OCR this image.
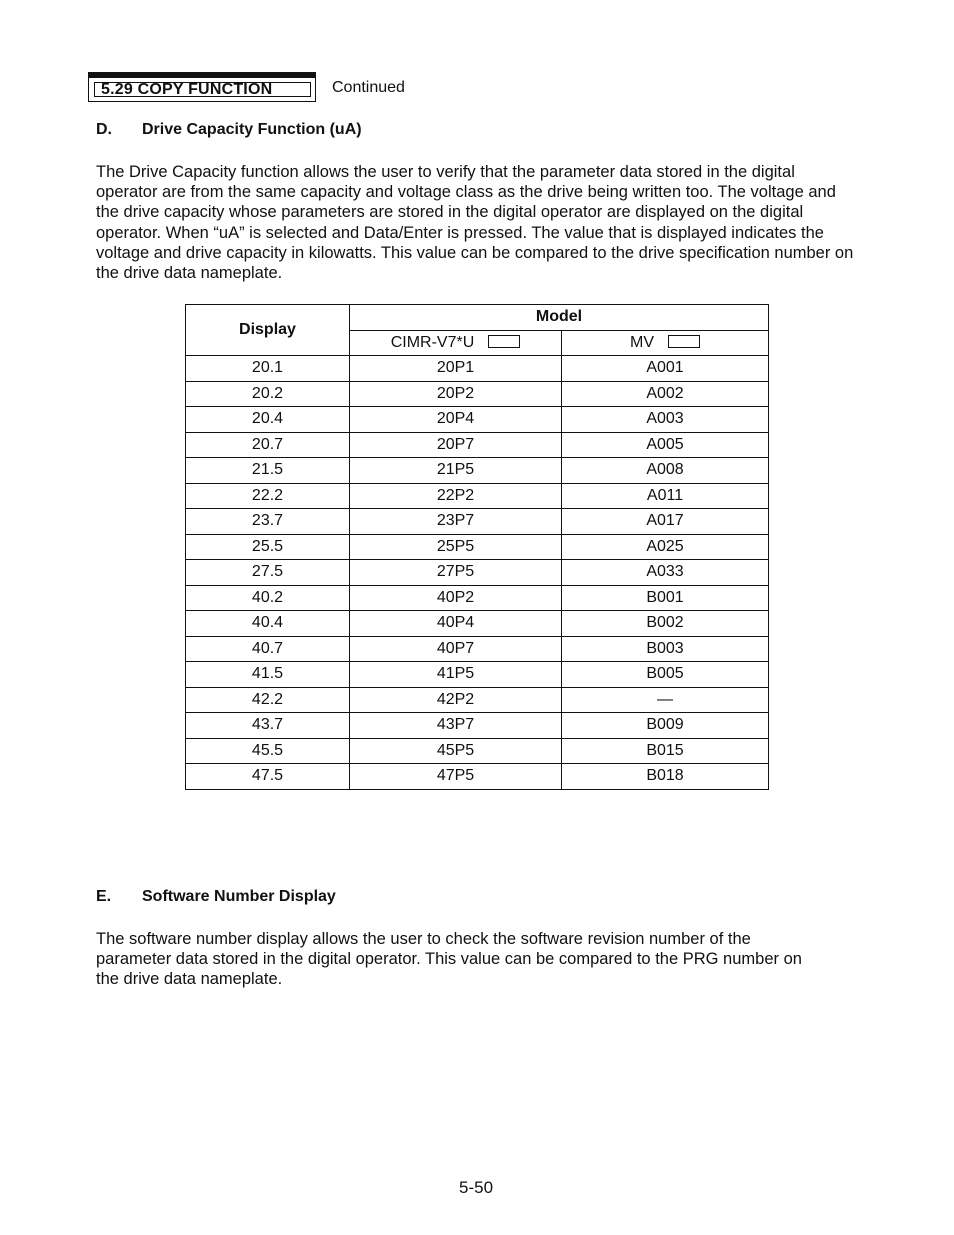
5.29 COPY FUNCTION	Continued
D. Drive Capacity Function (uA)

The Drive Capacity function allows the user to verify that the parameter data stored in the digital operator are from the same capacity and voltage class as the drive being written too. The voltage and the drive capacity whose parameters are stored in the digital operator are displayed on the digital operator. When “uA” is selected and Data/Enter is pressed. The value that is displayed indicates the voltage and drive capacity in kilowatts. This value can be compared to the drive specification number on the drive data nameplate.

Display	Model	
	CIMR-V7*U	MV
20.1	20P1	A001
20.2	20P2	A002
20.4	20P4	A003
20.7	20P7	A005
21.5	21P5	A008
22.2	22P2	A011
23.7	23P7	A017
25.5	25P5	A025
27.5	27P5	A033
40.2	40P2	B001
40.4	40P4	B002
40.7	40P7	B003
41.5	41P5	B005
42.2	42P2	—
43.7	43P7	B009
45.5	45P5	B015
47.5	47P5	B018
E. Software Number Display

The software number display allows the user to check the software revision number of the parameter data stored in the digital operator. This value can be compared to the PRG number on the drive data nameplate.

5-50
